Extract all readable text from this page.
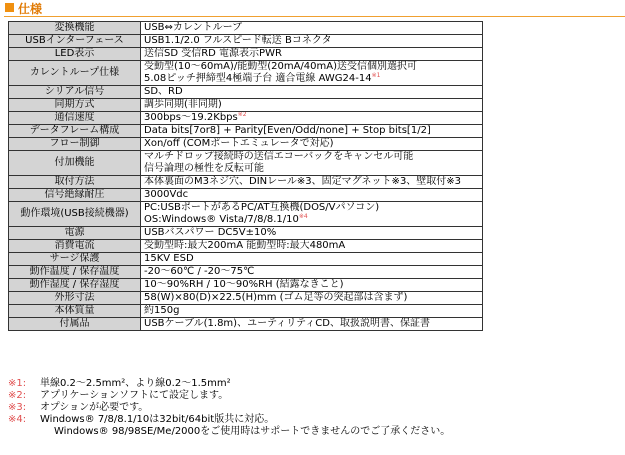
仕様
変換機能	USB⇔カレントループ

USBインターフェース	USB1.1/2.0 フルスピード転送 Bコネクタ

LED表示	送信SD 受信RD 電源表示PWR

カレントループ仕様	受動型(10〜60mA)/能動型(20mA/40mA)送受信個別選択可
5.08ピッチ押締型4極端子台 適合電線 AWG24-14$^{※1}$

シリアル信号	SD、RD

同期方式	調歩同期(非同期)

通信速度	300bps〜19.2Kbps$^{※2}$

データフレーム構成	Data bits[7or8] + Parity[Even/Odd/none] + Stop bits[1/2]

フロー制御	Xon/off (COMポートエミュレータで対応)

付加機能	マルチドロップ接続時の送信エコーバックをキャンセル可能
信号論理の極性を反転可能

取付方法	本体裏面のM3ネジ穴、DINレール※3、固定マグネット※3、壁取付※3

信号絶縁耐圧	3000Vdc

動作環境(USB接続機器)	PC:USBポートがあるPC/AT互換機(DOS/Vパソコン)
OS:Windows® Vista/7/8/8.1/10$^{※4}$

電源	USBバスパワー DC5V±10%

消費電流	受動型時:最大200mA 能動型時:最大480mA

サージ保護	15KV ESD

動作温度 / 保存温度	-20〜60℃ / -20〜75℃

動作湿度 / 保存湿度	10〜90%RH / 10〜90%RH (結露なきこと)

外形寸法	58(W)×80(D)×22.5(H)mm (ゴム足等の突起部は含まず)

本体質量	約150g

付属品	USBケーブル(1.8m)、ユーティリティCD、取扱説明書、保証書
※1:	単線0.2〜2.5mm²、より線0.2〜1.5mm²
※2:	アプリケーションソフトにて設定します。
※3:	オプションが必要です。
※4:	Windows® 7/8/8.1/10は32bit/64bit版共に対応。
Windows® 98/98SE/Me/2000をご使用時はサポートできませんのでご了承ください。
